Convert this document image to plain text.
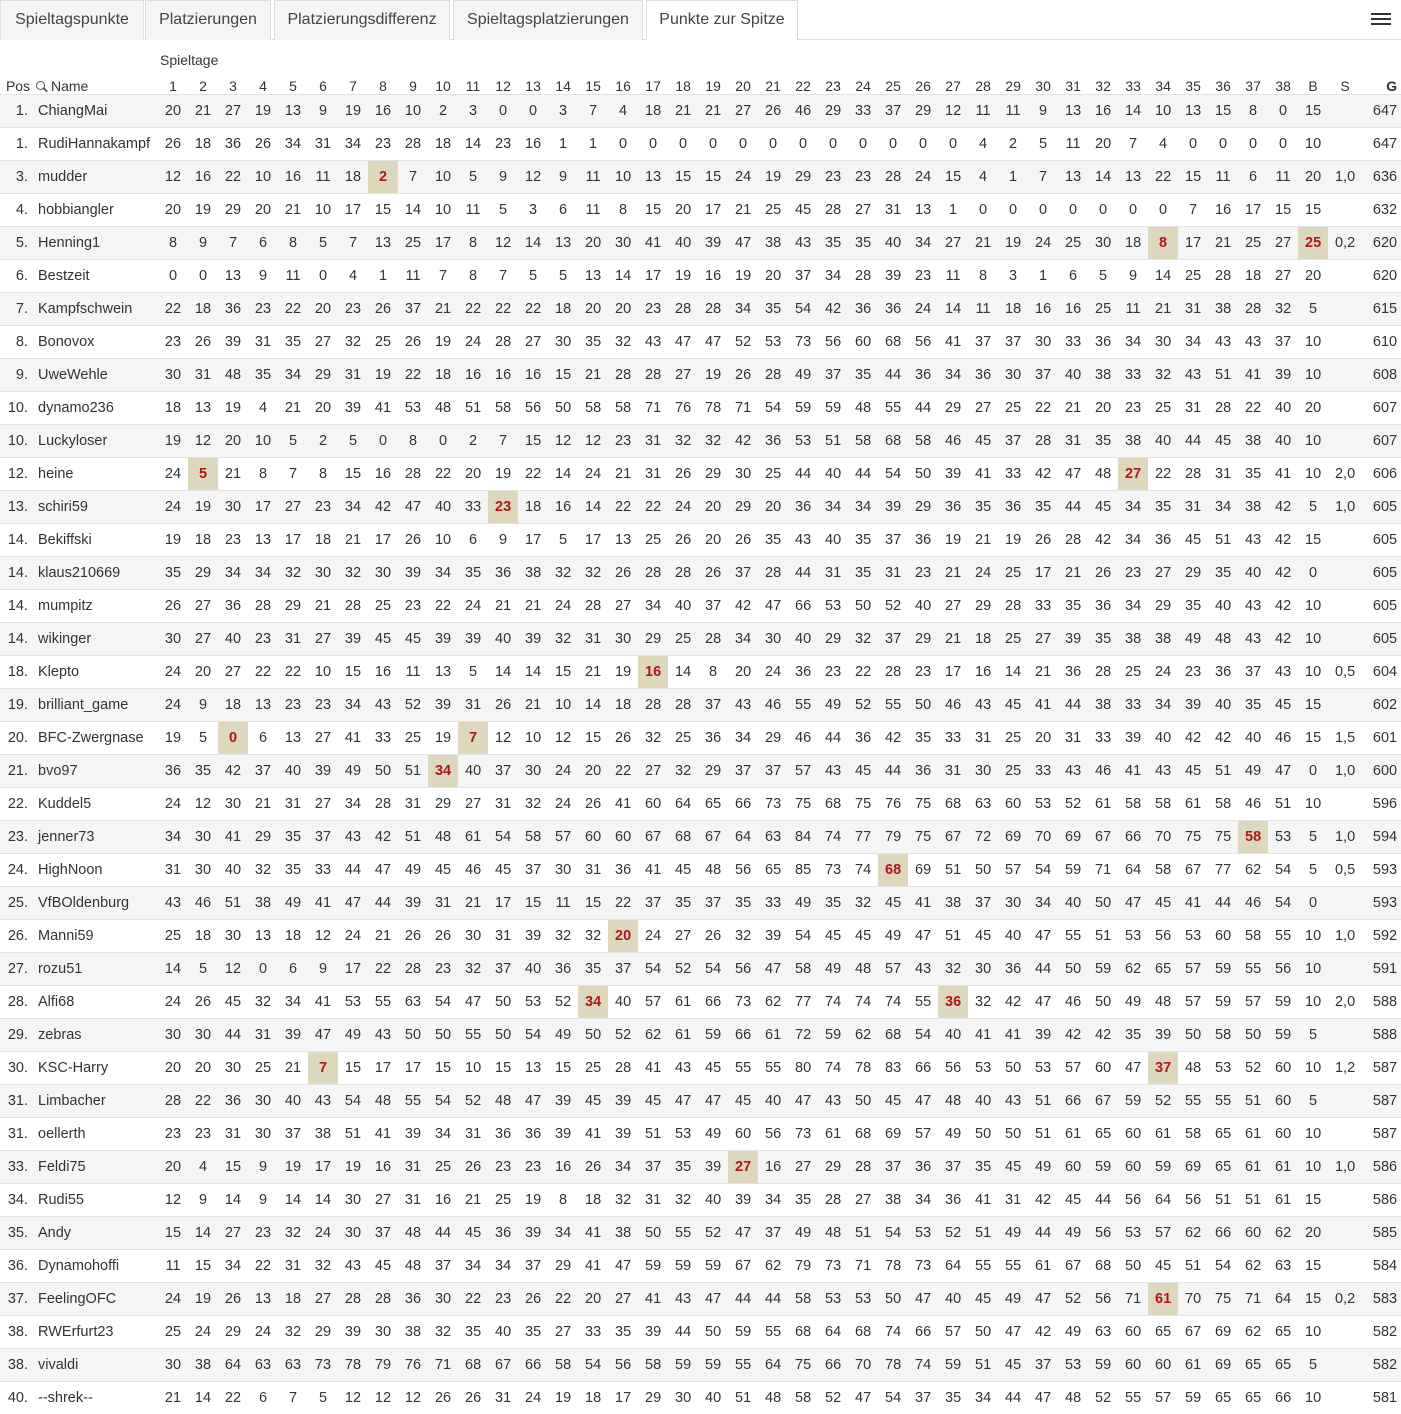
Spieltagspunkte	Platzierungen	Platzierungsdifferenz	Spieltagsplatzierungen	Punkte zur Spitze
		Spieltage																																								
Pos	Name	1	2	3	4	5	6	7	8	9	10	11	12	13	14	15	16	17	18	19	20	21	22	23	24	25	26	27	28	29	30	31	32	33	34	35	36	37	38	B	S	G
1.	ChiangMai	20	21	27	19	13	9	19	16	10	2	3	0	0	3	7	4	18	21	21	27	26	46	29	33	37	29	12	11	11	9	13	16	14	10	13	15	8	0	15		647
1.	RudiHannakampf	26	18	36	26	34	31	34	23	28	18	14	23	16	1	1	0	0	0	0	0	0	0	0	0	0	0	0	4	2	5	11	20	7	4	0	0	0	0	10		647
3.	mudder	12	16	22	10	16	11	18	2	7	10	5	9	12	9	11	10	13	15	15	24	19	29	23	23	28	24	15	4	1	7	13	14	13	22	15	11	6	11	20	1,0	636
4.	hobbiangler	20	19	29	20	21	10	17	15	14	10	11	5	3	6	11	8	15	20	17	21	25	45	28	27	31	13	1	0	0	0	0	0	0	0	7	16	17	15	15		632
5.	Henning1	8	9	7	6	8	5	7	13	25	17	8	12	14	13	20	30	41	40	39	47	38	43	35	35	40	34	27	21	19	24	25	30	18	8	17	21	25	27	25	0,2	620
6.	Bestzeit	0	0	13	9	11	0	4	1	11	7	8	7	5	5	13	14	17	19	16	19	20	37	34	28	39	23	11	8	3	1	6	5	9	14	25	28	18	27	20		620
7.	Kampfschwein	22	18	36	23	22	20	23	26	37	21	22	22	22	18	20	20	23	28	28	34	35	54	42	36	36	24	14	11	18	16	16	25	11	21	31	38	28	32	5		615
8.	Bonovox	23	26	39	31	35	27	32	25	26	19	24	28	27	30	35	32	43	47	47	52	53	73	56	60	68	56	41	37	37	30	33	36	34	30	34	43	43	37	10		610
9.	UweWehle	30	31	48	35	34	29	31	19	22	18	16	16	16	15	21	28	28	27	19	26	28	49	37	35	44	36	34	36	30	37	40	38	33	32	43	51	41	39	10		608
10.	dynamo236	18	13	19	4	21	20	39	41	53	48	51	58	56	50	58	58	71	76	78	71	54	59	59	48	55	44	29	27	25	22	21	20	23	25	31	28	22	40	20		607
10.	Luckyloser	19	12	20	10	5	2	5	0	8	0	2	7	15	12	12	23	31	32	32	42	36	53	51	58	68	58	46	45	37	28	31	35	38	40	44	45	38	40	10		607
12.	heine	24	5	21	8	7	8	15	16	28	22	20	19	22	14	24	21	31	26	29	30	25	44	40	44	54	50	39	41	33	42	47	48	27	22	28	31	35	41	10	2,0	606
13.	schiri59	24	19	30	17	27	23	34	42	47	40	33	23	18	16	14	22	22	24	20	29	20	36	34	34	39	29	36	35	36	35	44	45	34	35	31	34	38	42	5	1,0	605
14.	Bekiffski	19	18	23	13	17	18	21	17	26	10	6	9	17	5	17	13	25	26	20	26	35	43	40	35	37	36	19	21	19	26	28	42	34	36	45	51	43	42	15		605
14.	klaus210669	35	29	34	34	32	30	32	30	39	34	35	36	38	32	32	26	28	28	26	37	28	44	31	35	31	23	21	24	25	17	21	26	23	27	29	35	40	42	0		605
14.	mumpitz	26	27	36	28	29	21	28	25	23	22	24	21	21	24	28	27	34	40	37	42	47	66	53	50	52	40	27	29	28	33	35	36	34	29	35	40	43	42	10		605
14.	wikinger	30	27	40	23	31	27	39	45	45	39	39	40	39	32	31	30	29	25	28	34	30	40	29	32	37	29	21	18	25	27	39	35	38	38	49	48	43	42	10		605
18.	Klepto	24	20	27	22	22	10	15	16	11	13	5	14	14	15	21	19	16	14	8	20	24	36	23	22	28	23	17	16	14	21	36	28	25	24	23	36	37	43	10	0,5	604
19.	brilliant_game	24	9	18	13	23	23	34	43	52	39	31	26	21	10	14	18	28	28	37	43	46	55	49	52	55	50	46	43	45	41	44	38	33	34	39	40	35	45	15		602
20.	BFC-Zwergnase	19	5	0	6	13	27	41	33	25	19	7	12	10	12	15	26	32	25	36	34	29	46	44	36	42	35	33	31	25	20	31	33	39	40	42	42	40	46	15	1,5	601
21.	bvo97	36	35	42	37	40	39	49	50	51	34	40	37	30	24	20	22	27	32	29	37	37	57	43	45	44	36	31	30	25	33	43	46	41	43	45	51	49	47	0	1,0	600
22.	Kuddel5	24	12	30	21	31	27	34	28	31	29	27	31	32	24	26	41	60	64	65	66	73	75	68	75	76	75	68	63	60	53	52	61	58	58	61	58	46	51	10		596
23.	jenner73	34	30	41	29	35	37	43	42	51	48	61	54	58	57	60	60	67	68	67	64	63	84	74	77	79	75	67	72	69	70	69	67	66	70	75	75	58	53	5	1,0	594
24.	HighNoon	31	30	40	32	35	33	44	47	49	45	46	45	37	30	31	36	41	45	48	56	65	85	73	74	68	69	51	50	57	54	59	71	64	58	67	77	62	54	5	0,5	593
25.	VfBOldenburg	43	46	51	38	49	41	47	44	39	31	21	17	15	11	15	22	37	35	37	35	33	49	35	32	45	41	38	37	30	34	40	50	47	45	41	44	46	54	0		593
26.	Manni59	25	18	30	13	18	12	24	21	26	26	30	31	39	32	32	20	24	27	26	32	39	54	45	45	49	47	51	45	40	47	55	51	53	56	53	60	58	55	10	1,0	592
27.	rozu51	14	5	12	0	6	9	17	22	28	23	32	37	40	36	35	37	54	52	54	56	47	58	49	48	57	43	32	30	36	44	50	59	62	65	57	59	55	56	10		591
28.	Alfi68	24	26	45	32	34	41	53	55	63	54	47	50	53	52	34	40	57	61	66	73	62	77	74	74	74	55	36	32	42	47	46	50	49	48	57	59	57	59	10	2,0	588
29.	zebras	30	30	44	31	39	47	49	43	50	50	55	50	54	49	50	52	62	61	59	66	61	72	59	62	68	54	40	41	41	39	42	42	35	39	50	58	50	59	5		588
30.	KSC-Harry	20	20	30	25	21	7	15	17	17	15	10	15	13	15	25	28	41	43	45	55	55	80	74	78	83	66	56	53	50	53	57	60	47	37	48	53	52	60	10	1,2	587
31.	Limbacher	28	22	36	30	40	43	54	48	55	54	52	48	47	39	45	39	45	47	47	45	40	47	43	50	45	47	48	40	43	51	66	67	59	52	55	55	51	60	5		587
31.	oellerth	23	23	31	30	37	38	51	41	39	34	31	36	36	39	41	39	51	53	49	60	56	73	61	68	69	57	49	50	50	51	61	65	60	61	58	65	61	60	10		587
33.	Feldi75	20	4	15	9	19	17	19	16	31	25	26	23	23	16	26	34	37	35	39	27	16	27	29	28	37	36	37	35	45	49	60	59	60	59	69	65	61	61	10	1,0	586
34.	Rudi55	12	9	14	9	14	14	30	27	31	16	21	25	19	8	18	32	31	32	40	39	34	35	28	27	38	34	36	41	31	42	45	44	56	64	56	51	51	61	15		586
35.	Andy	15	14	27	23	32	24	30	37	48	44	45	36	39	34	41	38	50	55	52	47	37	49	48	51	54	53	52	51	49	44	49	56	53	57	62	66	60	62	20		585
36.	Dynamohoffi	11	15	34	22	31	32	43	45	48	37	34	34	37	29	41	47	59	59	59	67	62	79	73	71	78	73	64	55	55	61	67	68	50	45	51	54	62	63	15		584
37.	FeelingOFC	24	19	26	13	18	27	28	28	36	30	22	23	26	22	20	27	41	43	47	44	44	58	53	53	50	47	40	45	49	47	52	56	71	61	70	75	71	64	15	0,2	583
38.	RWErfurt23	25	24	29	24	32	29	39	30	38	32	35	40	35	27	33	35	39	44	50	59	55	68	64	68	74	66	57	50	47	42	49	63	60	65	67	69	62	65	10		582
38.	vivaldi	30	38	64	63	63	73	78	79	76	71	68	67	66	58	54	56	58	59	59	55	64	75	66	70	78	74	59	51	45	37	53	59	60	60	61	69	65	65	5		582
40.	--shrek--	21	14	22	6	7	5	12	12	12	26	26	31	24	19	18	17	29	30	40	51	48	58	52	47	54	37	35	34	44	47	48	52	55	57	59	65	65	66	10		581
